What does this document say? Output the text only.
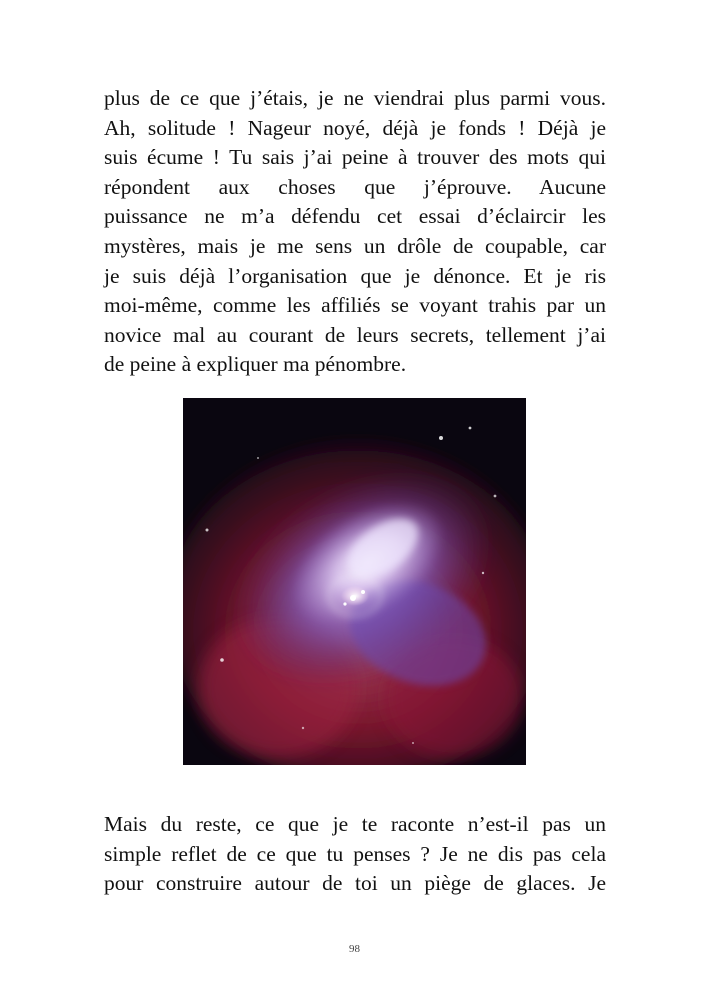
plus de ce que j’étais, je ne viendrai plus parmi vous.
Ah, solitude ! Nageur noyé, déjà je fonds ! Déjà je
suis écume ! Tu sais j’ai peine à trouver des mots qui
répondent aux choses que j’éprouve. Aucune
puissance ne m’a défendu cet essai d’éclaircir les
mystères, mais je me sens un drôle de coupable, car
je suis déjà l’organisation que je dénonce. Et je ris
moi-même, comme les affiliés se voyant trahis par un
novice mal au courant de leurs secrets, tellement j’ai
de peine à expliquer ma pénombre.
Mais du reste, ce que je te raconte n’est-il pas un
simple reflet de ce que tu penses ? Je ne dis pas cela
pour construire autour de toi un piège de glaces. Je
98
